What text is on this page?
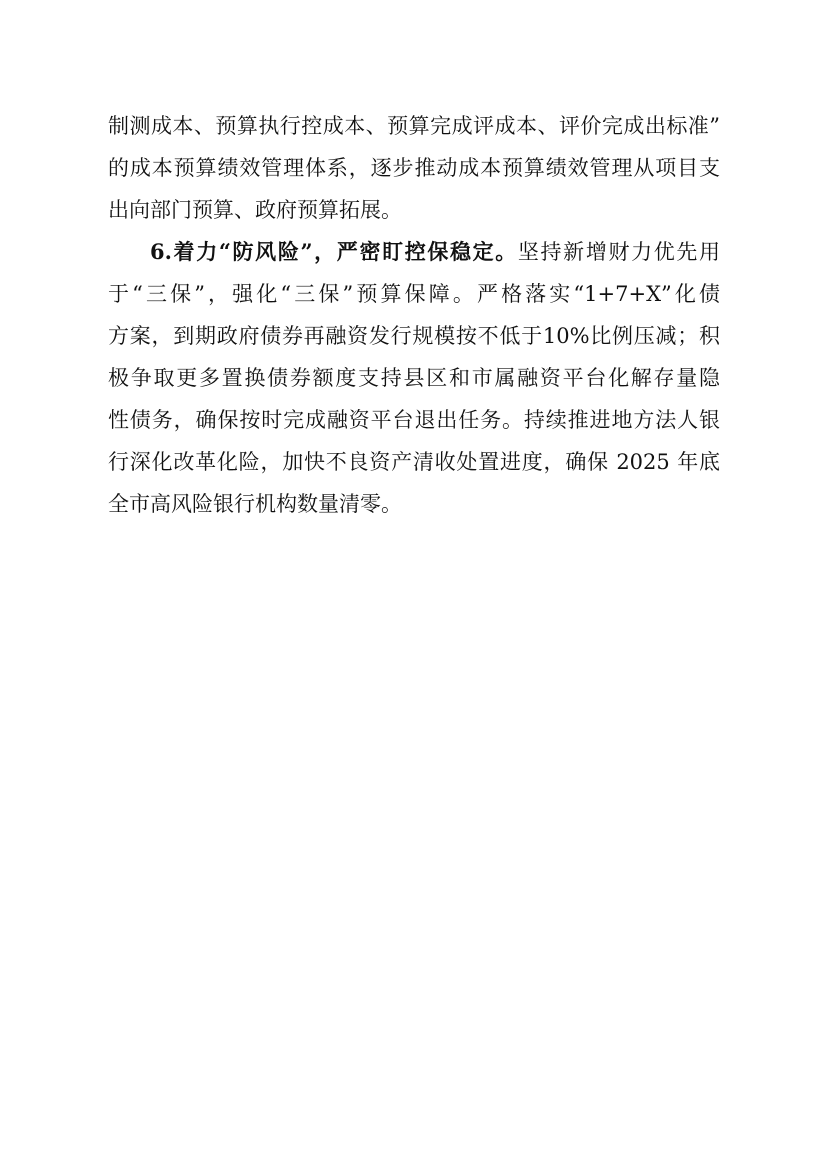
制测成本、预算执行控成本、预算完成评成本、评价完成出标准”
的成本预算绩效管理体系，逐步推动成本预算绩效管理从项目支
出向部门预算、政府预算拓展。
6.着力“防风险”，严密盯控保稳定。坚持新增财力优先用
于“三保”，强化“三保”预算保障。严格落实“1+7+X”化债
方案，到期政府债券再融资发行规模按不低于10%比例压减；积
极争取更多置换债券额度支持县区和市属融资平台化解存量隐
性债务，确保按时完成融资平台退出任务。持续推进地方法人银
行深化改革化险，加快不良资产清收处置进度，确保 2025 年底
全市高风险银行机构数量清零。
